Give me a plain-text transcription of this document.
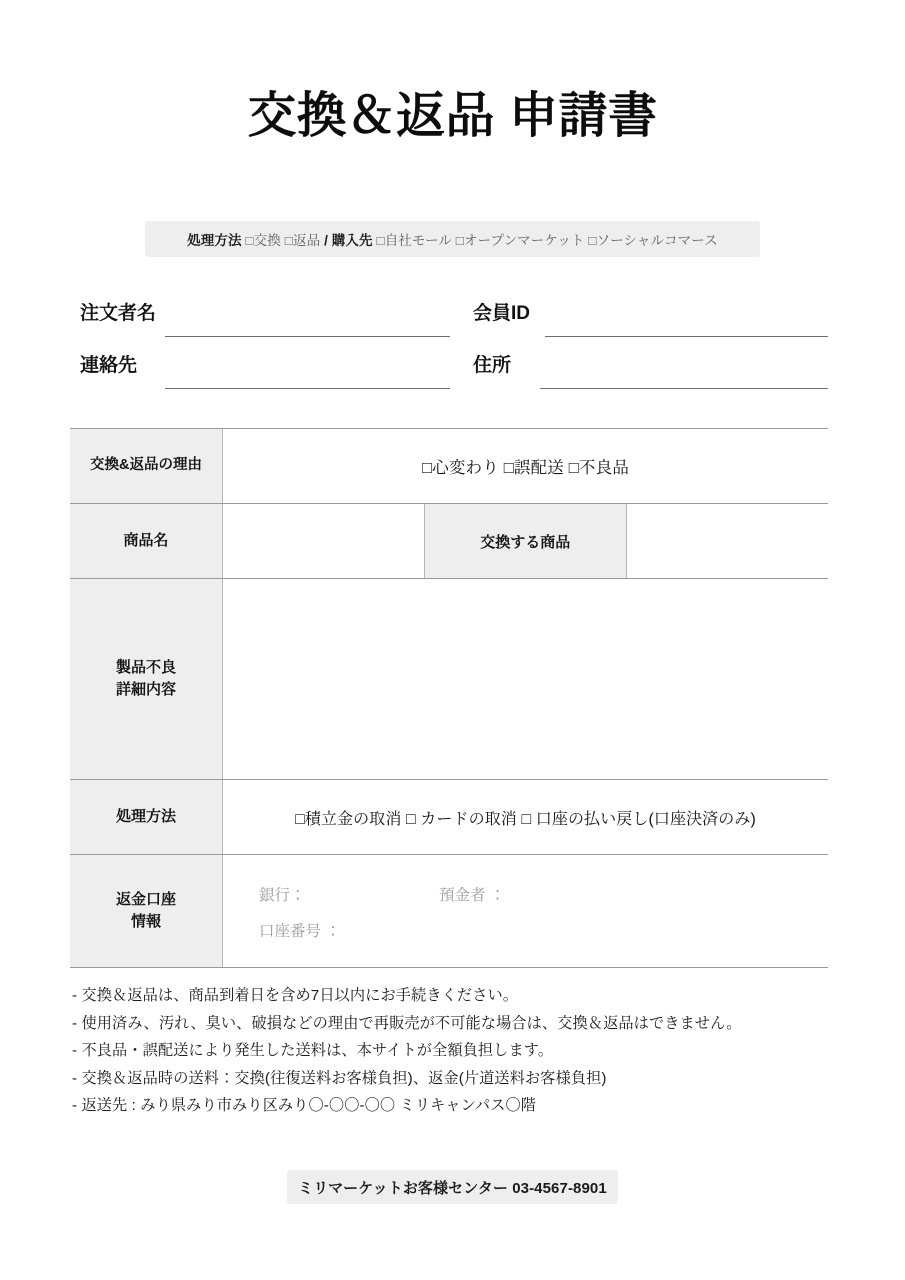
交換＆返品 申請書
処理方法 □交換 □返品 / 購入先 □自社モール □オープンマーケット □ソーシャルコマース
注文者名	会員ID
連絡先	住所
交換&返品の理由	□心変わり □誤配送 □不良品		
商品名		交換する商品	

製品不良
詳細内容			

処理方法	□積立金の取消 □ カードの取消 □ 口座の払い戻し(口座決済のみ)		

返金口座
情報

銀行：	預金者 ：
口座番号 ：
- 交換＆返品は、商品到着日を含め7日以内にお手続きください。
- 使用済み、汚れ、臭い、破損などの理由で再販売が不可能な場合は、交換＆返品はできません。
- 不良品・誤配送により発生した送料は、本サイトが全額負担します。
- 交換＆返品時の送料：交換(往復送料お客様負担)、返金(片道送料お客様負担)
- 返送先 : みり県みり市みり区みり〇-〇〇-〇〇 ミリキャンパス〇階
ミリマーケットお客様センター 03-4567-8901
